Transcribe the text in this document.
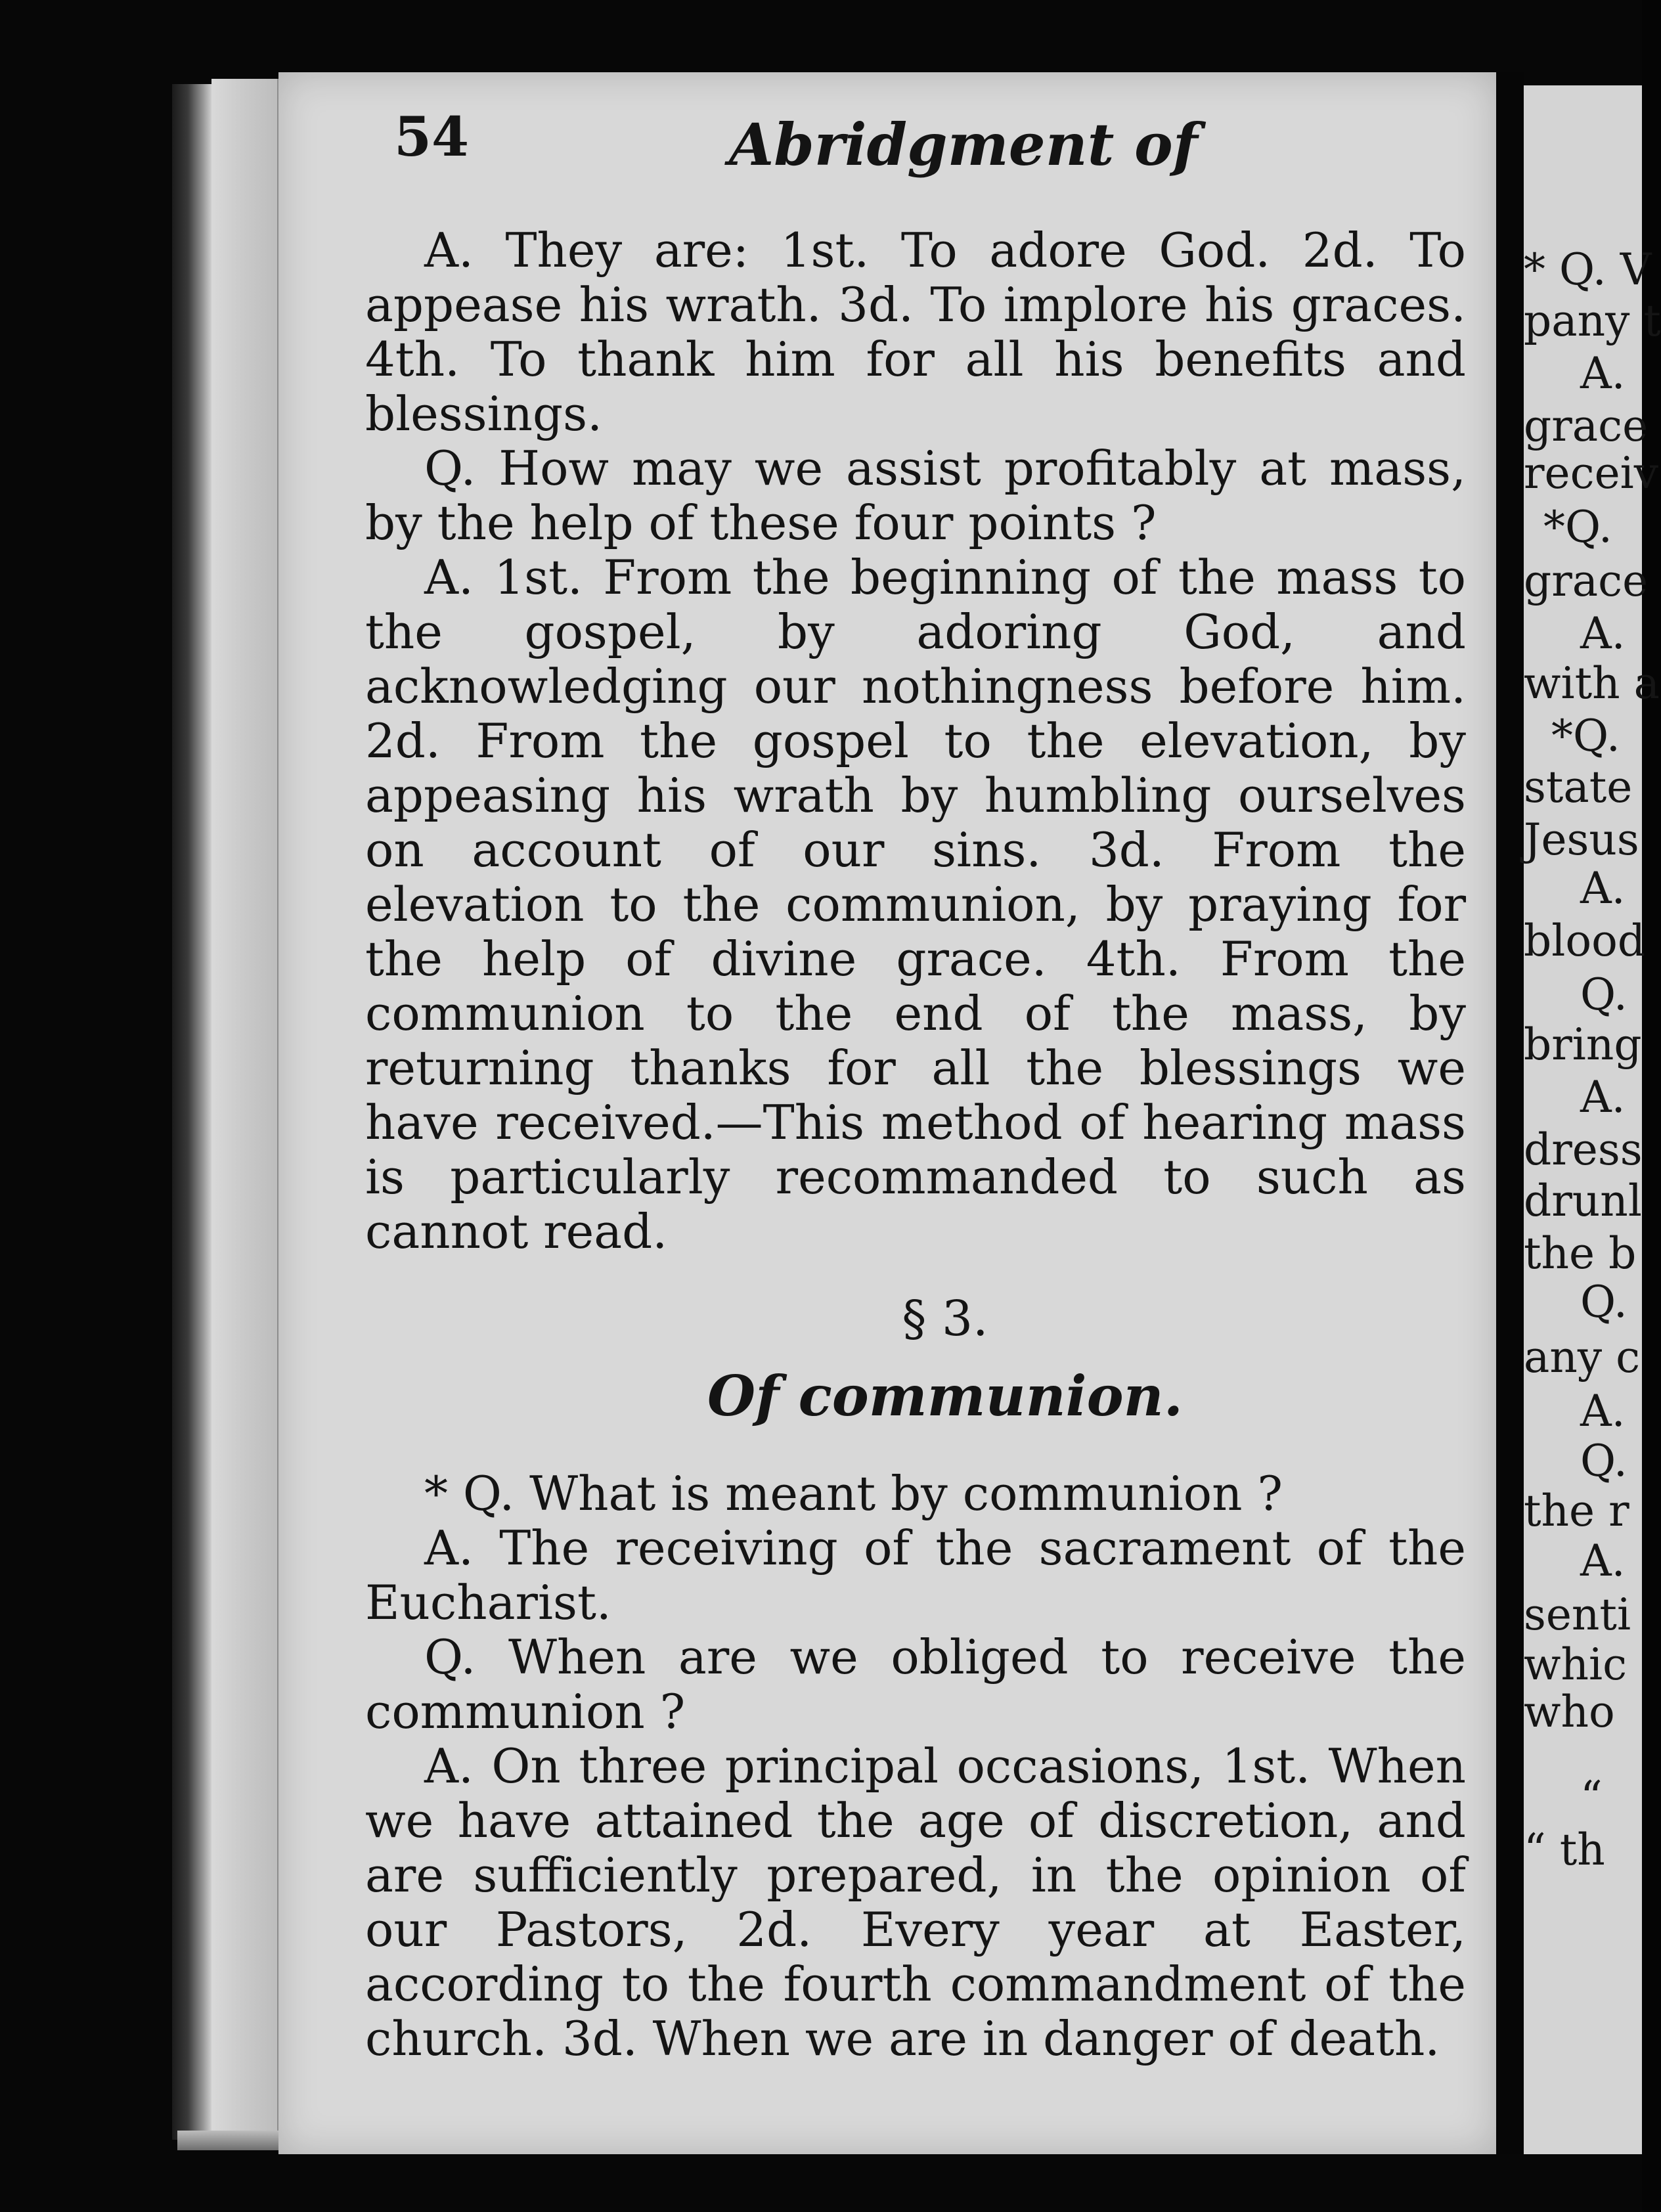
54	Abridgment of

A. They are: 1st. To adore God. 2d. To appease his wrath. 3d. To implore his graces. 4th. To thank him for all his benefits and blessings.

Q. How may we assist profitably at mass, by the help of these four points ?

A. 1st. From the beginning of the mass to the gospel, by adoring God, and acknowledging our nothingness before him. 2d. From the gospel to the elevation, by appeasing his wrath by humbling ourselves on account of our sins. 3d. From the elevation to the communion, by praying for the help of divine grace. 4th. From the communion to the end of the mass, by returning thanks for all the blessings we have received.—This method of hearing mass is particularly recommanded to such as cannot read.

§ 3.
Of communion.

* Q. What is meant by communion ?

A. The receiving of the sacrament of the Eucharist.

Q. When are we obliged to receive the communion ?

A. On three principal occasions, 1st. When we have attained the age of discretion, and are sufficiently prepared, in the opinion of our Pastors, 2d. Every year at Easter, according to the fourth commandment of the church. 3d. When we are in danger of death.

* Q. V
pany t
A.
grace
receiv
*Q.
grace
A.
with a
*Q.
state
Jesus
A.
blood
Q.
bring
A.
dress
drunl
the b
Q.
any c
A.
Q.
the r
A.
senti
whic
who
“
“ th
